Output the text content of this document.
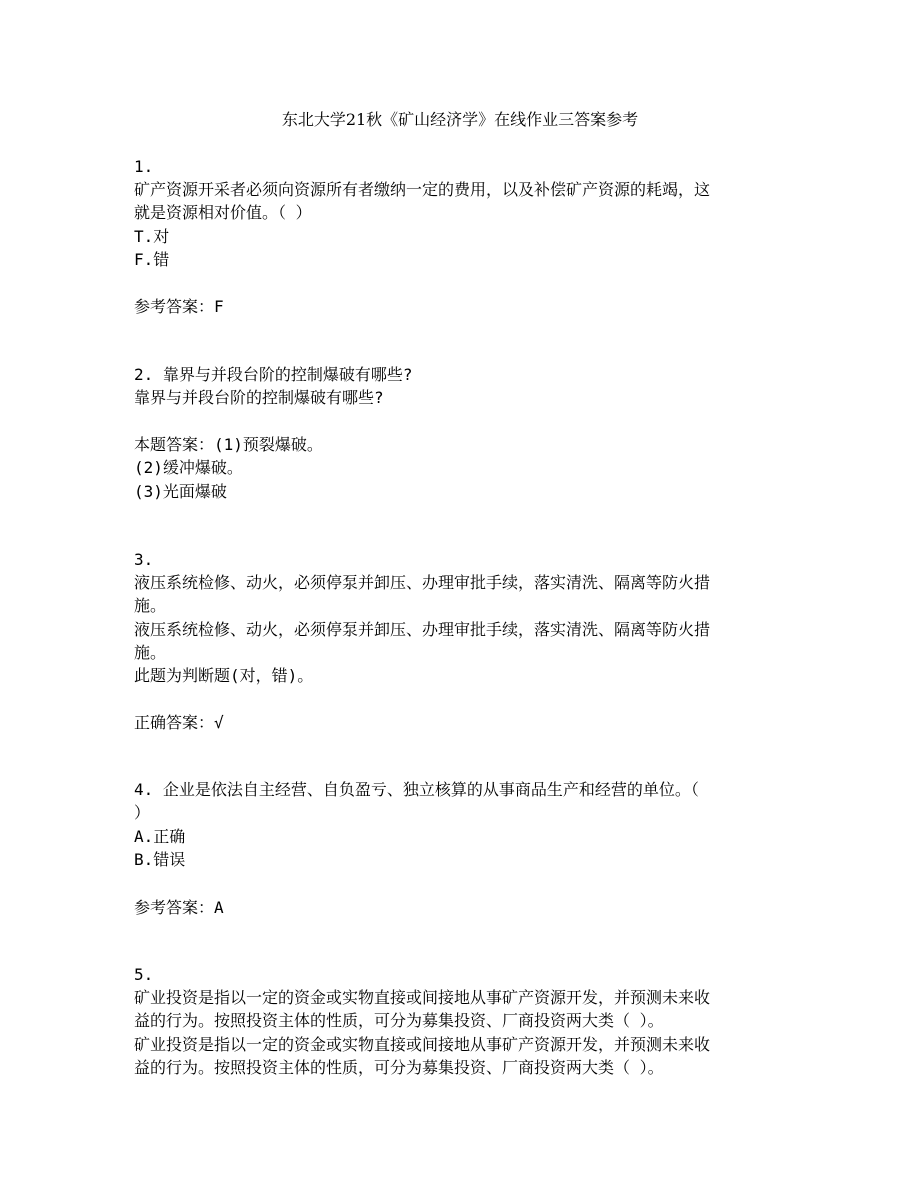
东北大学21秋《矿山经济学》在线作业三答案参考
1.
矿产资源开采者必须向资源所有者缴纳一定的费用，以及补偿矿产资源的耗竭，这
就是资源相对价值。（ ）
T.对
F.错
参考答案：F
2. 靠界与并段台阶的控制爆破有哪些?
靠界与并段台阶的控制爆破有哪些?
本题答案：(1)预裂爆破。
(2)缓冲爆破。
(3)光面爆破
3.
液压系统检修、动火，必须停泵并卸压、办理审批手续，落实清洗、隔离等防火措
施。
液压系统检修、动火，必须停泵并卸压、办理审批手续，落实清洗、隔离等防火措
施。
此题为判断题(对，错)。
正确答案：√
4. 企业是依法自主经营、自负盈亏、独立核算的从事商品生产和经营的单位。（
）
A.正确
B.错误
参考答案：A
5.
矿业投资是指以一定的资金或实物直接或间接地从事矿产资源开发，并预测未来收
益的行为。按照投资主体的性质，可分为募集投资、厂商投资两大类（ ）。
矿业投资是指以一定的资金或实物直接或间接地从事矿产资源开发，并预测未来收
益的行为。按照投资主体的性质，可分为募集投资、厂商投资两大类（ ）。
